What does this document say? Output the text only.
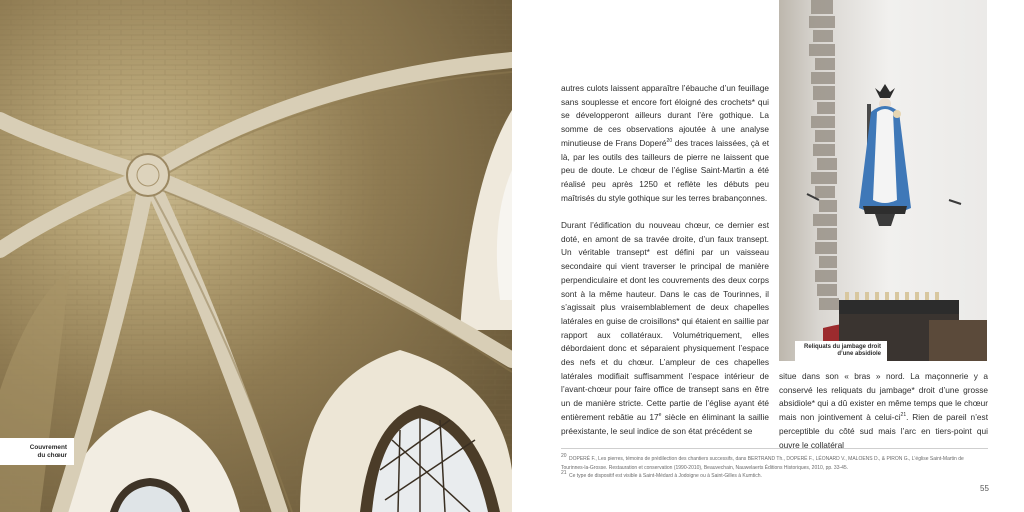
Couvrement
du chœur

autres culots laissent apparaître l’ébauche d’un feuillage sans souplesse et encore fort éloigné des crochets* qui se développeront ailleurs durant l’ère gothique. La somme de ces observations ajoutée à une analyse minutieuse de Frans Doperé$^{20}$ des traces laissées, çà et là, par les outils des tailleurs de pierre ne laissent que peu de doute. Le chœur de l’église Saint-Martin a été réalisé peu après 1250 et reflète les débuts peu maîtrisés du style gothique sur les terres brabançonnes.

Durant l’édification du nouveau chœur, ce dernier est doté, en amont de sa travée droite, d’un faux transept. Un véritable transept* est défini par un vaisseau secondaire qui vient traverser le principal de manière perpendiculaire et dont les couvrements des deux corps sont à la même hauteur. Dans le cas de Tourinnes, il s’agissait plus vraisemblablement de deux chapelles latérales en guise de croisillons* qui étaient en saillie par rapport aux collatéraux. Volumétriquement, elles débordaient donc et séparaient physiquement l’espace des nefs et du chœur. L’ampleur de ces chapelles latérales modifiait suffisamment l’espace intérieur de l’avant-chœur pour faire office de transept sans en être un de manière stricte. Cette partie de l’église ayant été entièrement rebâtie au 17e siècle en éliminant la saillie préexistante, le seul indice de son état précédent se

Reliquats du jambage droit
d’une absidiole
situe dans son « bras » nord. La maçonnerie y a conservé les reliquats du jambage* droit d’une grosse absidiole* qui a dû exister en même temps que le chœur mais non jointivement à celui-$ci^{21}$. Rien de pareil n’est perceptible du côté sud mais l’arc en tiers-point qui ouvre le collatéral
$^{20}$ DOPERÉ F., Les pierres, témoins de prédilection des chantiers successifs, dans BERTRAND Th., DOPERÉ F., LÉONARD V., MALOENS D., & PIRON G., L’église Saint-Martin de Tourinnes-la-Grosse. Restauration et conservation (1990-2010), Beauvechain, Nauwelaerts Éditions Historiques, 2010, pp. 33-45.
$^{21}$ Ce type de dispositif est visible à Saint-Médard à Jodoigne ou à Saint-Gilles à Kumtich.
55
